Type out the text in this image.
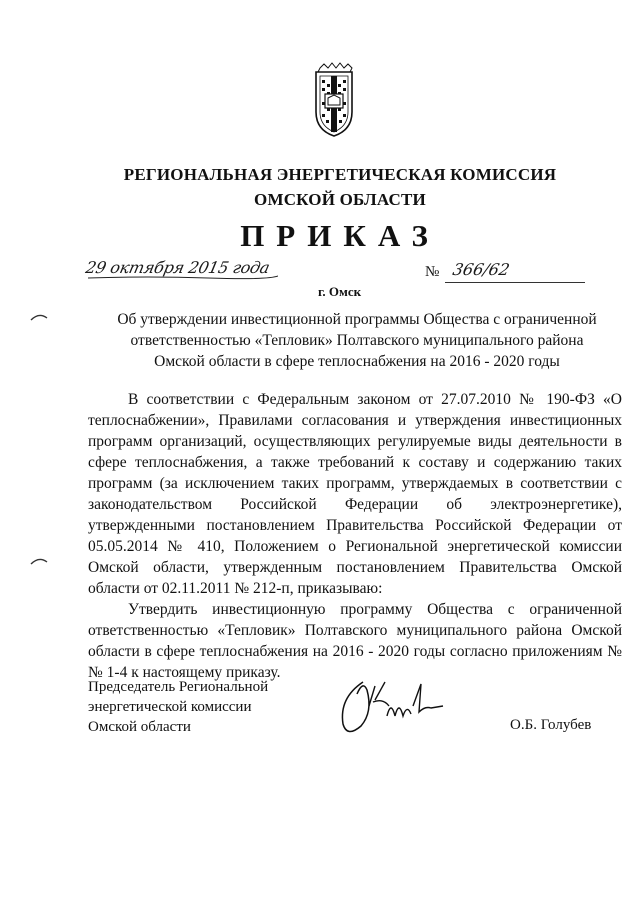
РЕГИОНАЛЬНАЯ ЭНЕРГЕТИЧЕСКАЯ КОМИССИЯ
ОМСКОЙ ОБЛАСТИ
ПРИКАЗ
29 октября 2015 года
г. Омск
№ 366/62
Об утверждении инвестиционной программы Общества с ограниченной
ответственностью «Тепловик» Полтавского муниципального района
Омской области в сфере теплоснабжения на 2016 - 2020 годы

В соответствии с Федеральным законом от 27.07.2010 № 190-ФЗ «О теплоснабжении», Правилами согласования и утверждения инвестиционных программ организаций, осуществляющих регулируемые виды деятельности в сфере теплоснабжения, а также требований к составу и содержанию таких программ (за исключением таких программ, утверждаемых в соответствии с законодательством Российской Федерации об электроэнергетике), утвержденными постановлением Правительства Российской Федерации от 05.05.2014 № 410, Положением о Региональной энергетической комиссии Омской области, утвержденным постановлением Правительства Омской области от 02.11.2011 № 212-п, приказываю:

Утвердить инвестиционную программу Общества с ограниченной ответственностью «Тепловик» Полтавского муниципального района Омской области в сфере теплоснабжения на 2016 - 2020 годы согласно приложениям №№ 1-4 к настоящему приказу.

Председатель Региональной
энергетической комиссии
Омской области	О.Б. Голубев
